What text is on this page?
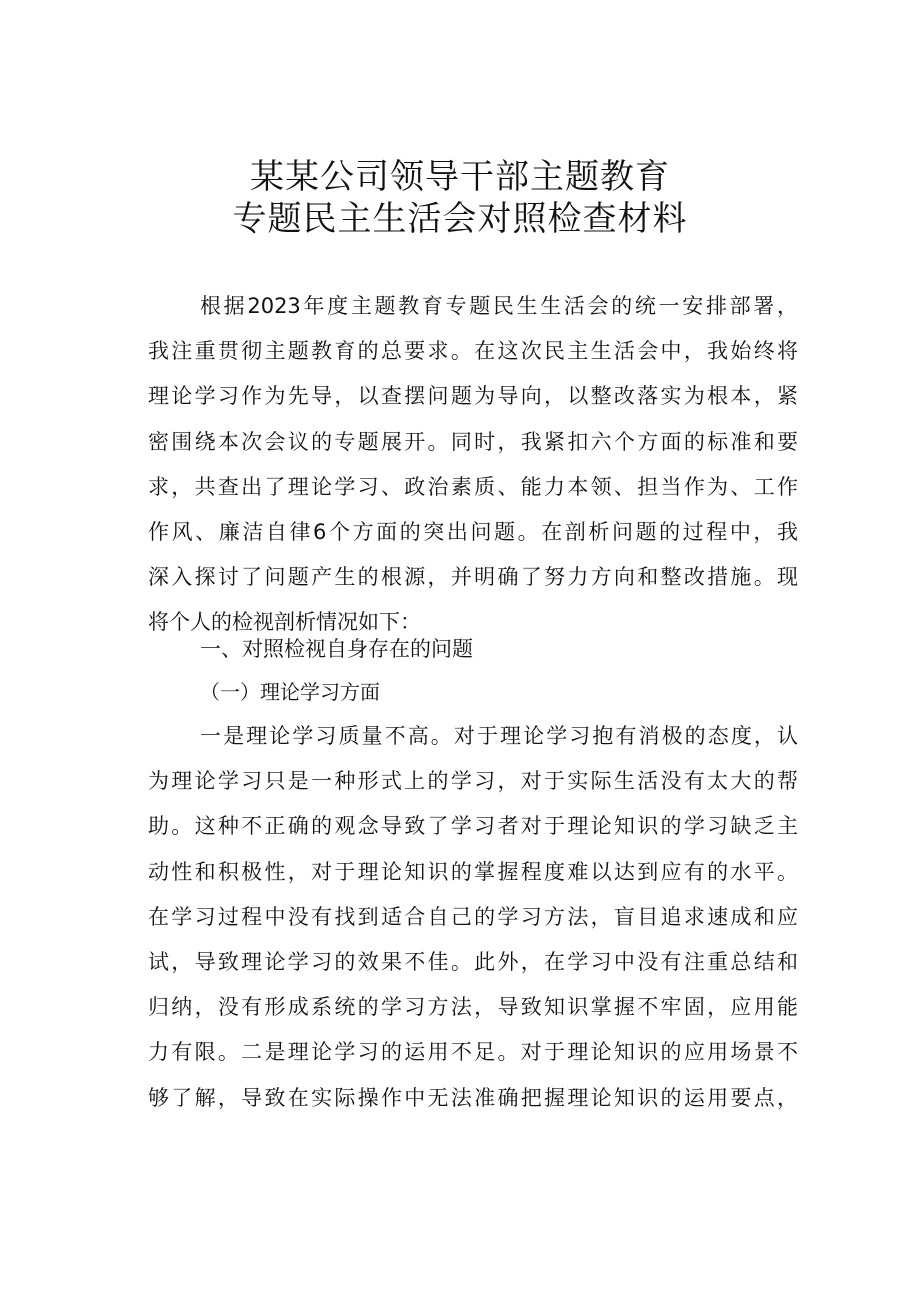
某某公司领导干部主题教育
专题民主生活会对照检查材料
根据2023年度主题教育专题民生生活会的统一安排部署，
我注重贯彻主题教育的总要求。在这次民主生活会中，我始终将
理论学习作为先导，以查摆问题为导向，以整改落实为根本，紧
密围绕本次会议的专题展开。同时，我紧扣六个方面的标准和要
求，共查出了理论学习、政治素质、能力本领、担当作为、工作
作风、廉洁自律6个方面的突出问题。在剖析问题的过程中，我
深入探讨了问题产生的根源，并明确了努力方向和整改措施。现
将个人的检视剖析情况如下：
一、对照检视自身存在的问题
（一）理论学习方面
一是理论学习质量不高。对于理论学习抱有消极的态度，认
为理论学习只是一种形式上的学习，对于实际生活没有太大的帮
助。这种不正确的观念导致了学习者对于理论知识的学习缺乏主
动性和积极性，对于理论知识的掌握程度难以达到应有的水平。
在学习过程中没有找到适合自己的学习方法，盲目追求速成和应
试，导致理论学习的效果不佳。此外，在学习中没有注重总结和
归纳，没有形成系统的学习方法，导致知识掌握不牢固，应用能
力有限。二是理论学习的运用不足。对于理论知识的应用场景不
够了解，导致在实际操作中无法准确把握理论知识的运用要点，
